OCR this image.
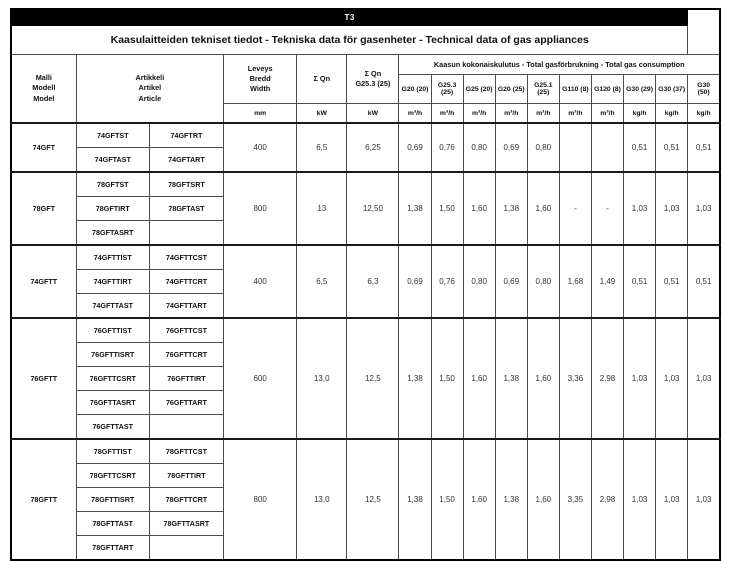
T3															
Kaasulaitteiden tekniset tiedot - Tekniska data för gasenheter - Technical data of gas appliances															

Malli
Modell
Model

Artikkeli
Artikel
Article

Leveys
Bredd
Width
	Σ Qn	
Σ Qn
G25.3 (25)
	Kaasun kokonaiskulutus - Total gasförbrukning - Total gas consumption
						G20 (20)	G25.3 (25)	G25 (20)	G20 (25)	G25.1 (25)	G110 (8)	G120 (8)	G30 (29)	G30 (37)	G30 (50)
			mm	kW	kW	m³/h	m³/h	m³/h	m³/h	m³/h	m³/h	m³/h	kg/h	kg/h	kg/h
74GFT	74GFTST	74GFTRT	400	6,5	6,25	0,69	0,76	0,80	0,69	0,80			0,51	0,51	0,51
	74GFTAST	74GFTART													
78GFT	78GFTST	78GFTSRT	800	13	12,50	1,38	1,50	1,60	1,38	1,60	-	-	1,03	1,03	1,03
	78GFTIRT	78GFTAST													
	78GFTASRT														
74GFTT	74GFTTIST	74GFTTCST	400	6,5	6,3	0,69	0,76	0,80	0,69	0,80	1,68	1,49	0,51	0,51	0,51
	74GFTTIRT	74GFTTCRT													
	74GFTTAST	74GFTTART													
76GFTT	76GFTTIST	76GFTTCST	600	13,0	12,5	1,38	1,50	1,60	1,38	1,60	3,36	2,98	1,03	1,03	1,03
	76GFTTISRT	76GFTTCRT													
	76GFTTCSRT	76GFTTIRT													
	76GFTTASRT	76GFTTART													
	76GFTTAST														
78GFTT	78GFTTIST	78GFTTCST	800	13,0	12,5	1,38	1,50	1,60	1,38	1,60	3,35	2,98	1,03	1,03	1,03
	78GFTTCSRT	78GFTTIRT													
	78GFTTISRT	78GFTTCRT													
	78GFTTAST	78GFTTASRT													
	78GFTTART														
